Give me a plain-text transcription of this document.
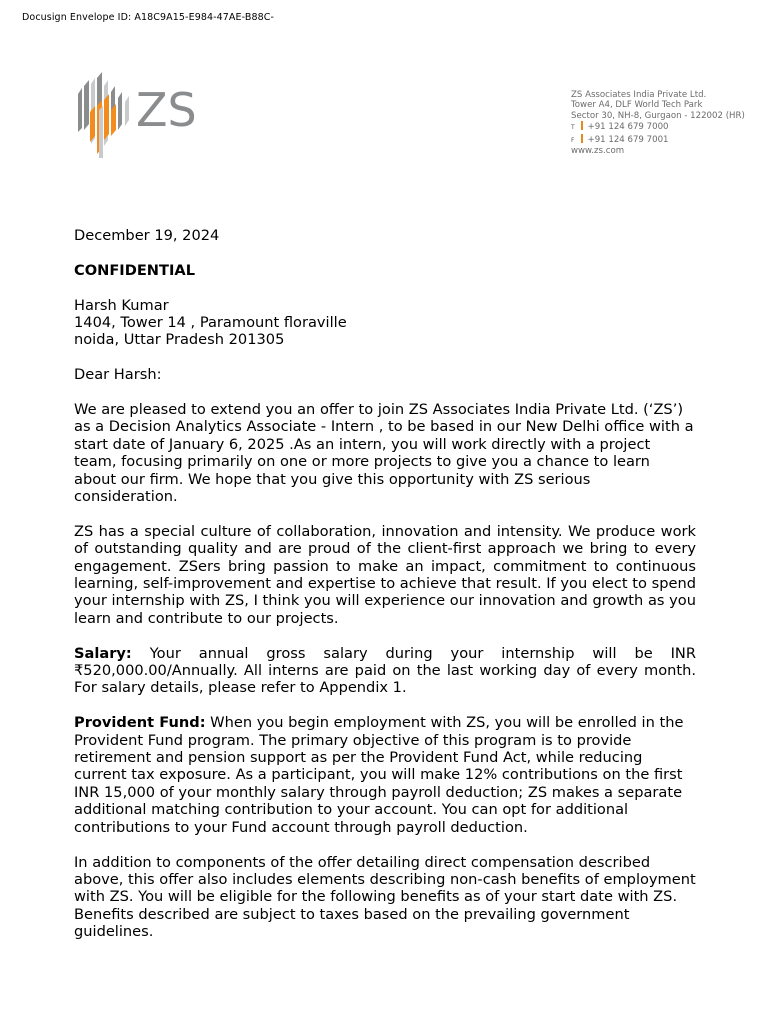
Docusign Envelope ID: A18C9A15-E984-47AE-B88C-
ZS	ZS Associates India Private Ltd.
Tower A4, DLF World Tech Park
Sector 30, NH-8, Gurgaon - 122002 (HR)
T +91 124 679 7000
F +91 124 679 7001
www.zs.com

December 19, 2024

CONFIDENTIAL

Harsh Kumar
1404, Tower 14 , Paramount floraville
noida, Uttar Pradesh 201305

Dear Harsh:

We are pleased to extend you an offer to join ZS Associates India Private Ltd. (‘ZS’) as a Decision Analytics Associate - Intern , to be based in our New Delhi office with a start date of January 6, 2025 .As an intern, you will work directly with a project team, focusing primarily on one or more projects to give you a chance to learn about our firm. We hope that you give this opportunity with ZS serious consideration.

ZS has a special culture of collaboration, innovation and intensity. We produce work of outstanding quality and are proud of the client-first approach we bring to every engagement. ZSers bring passion to make an impact, commitment to continuous learning, self-improvement and expertise to achieve that result. If you elect to spend your internship with ZS, I think you will experience our innovation and growth as you learn and contribute to our projects.

Salary: Your annual gross salary during your internship will be INR ₹520,000.00/Annually. All interns are paid on the last working day of every month. For salary details, please refer to Appendix 1.

Provident Fund: When you begin employment with ZS, you will be enrolled in the Provident Fund program. The primary objective of this program is to provide retirement and pension support as per the Provident Fund Act, while reducing current tax exposure. As a participant, you will make 12% contributions on the first INR 15,000 of your monthly salary through payroll deduction; ZS makes a separate additional matching contribution to your account. You can opt for additional contributions to your Fund account through payroll deduction.

In addition to components of the offer detailing direct compensation described above, this offer also includes elements describing non-cash benefits of employment with ZS. You will be eligible for the following benefits as of your start date with ZS. Benefits described are subject to taxes based on the prevailing government guidelines.
